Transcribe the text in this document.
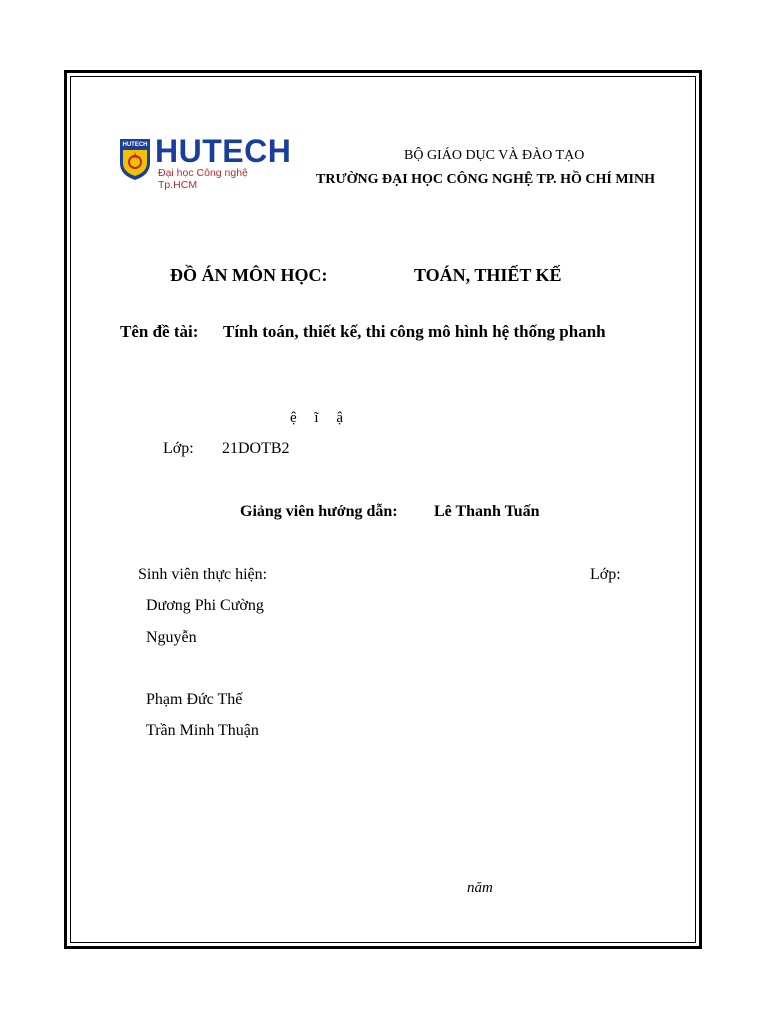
HUTECH HUTECH
Đại học Công nghệ Tp.HCM
BỘ GIÁO DỤC VÀ ĐÀO TẠO
TRƯỜNG ĐẠI HỌC CÔNG NGHỆ TP. HỒ CHÍ MINH
ĐỒ ÁN MÔN HỌC:	TOÁN, THIẾT KẾ
Tên đề tài: Tính toán, thiết kế, thi công mô hình hệ thống phanh
ệ ĩ ậ
Lớp: 21DOTB2
Giảng viên hướng dẫn: Lê Thanh Tuấn
Sinh viên thực hiện:	Lớp:
Dương Phi Cường
Nguyễn
Phạm Đức Thế
Trần Minh Thuận
năm
